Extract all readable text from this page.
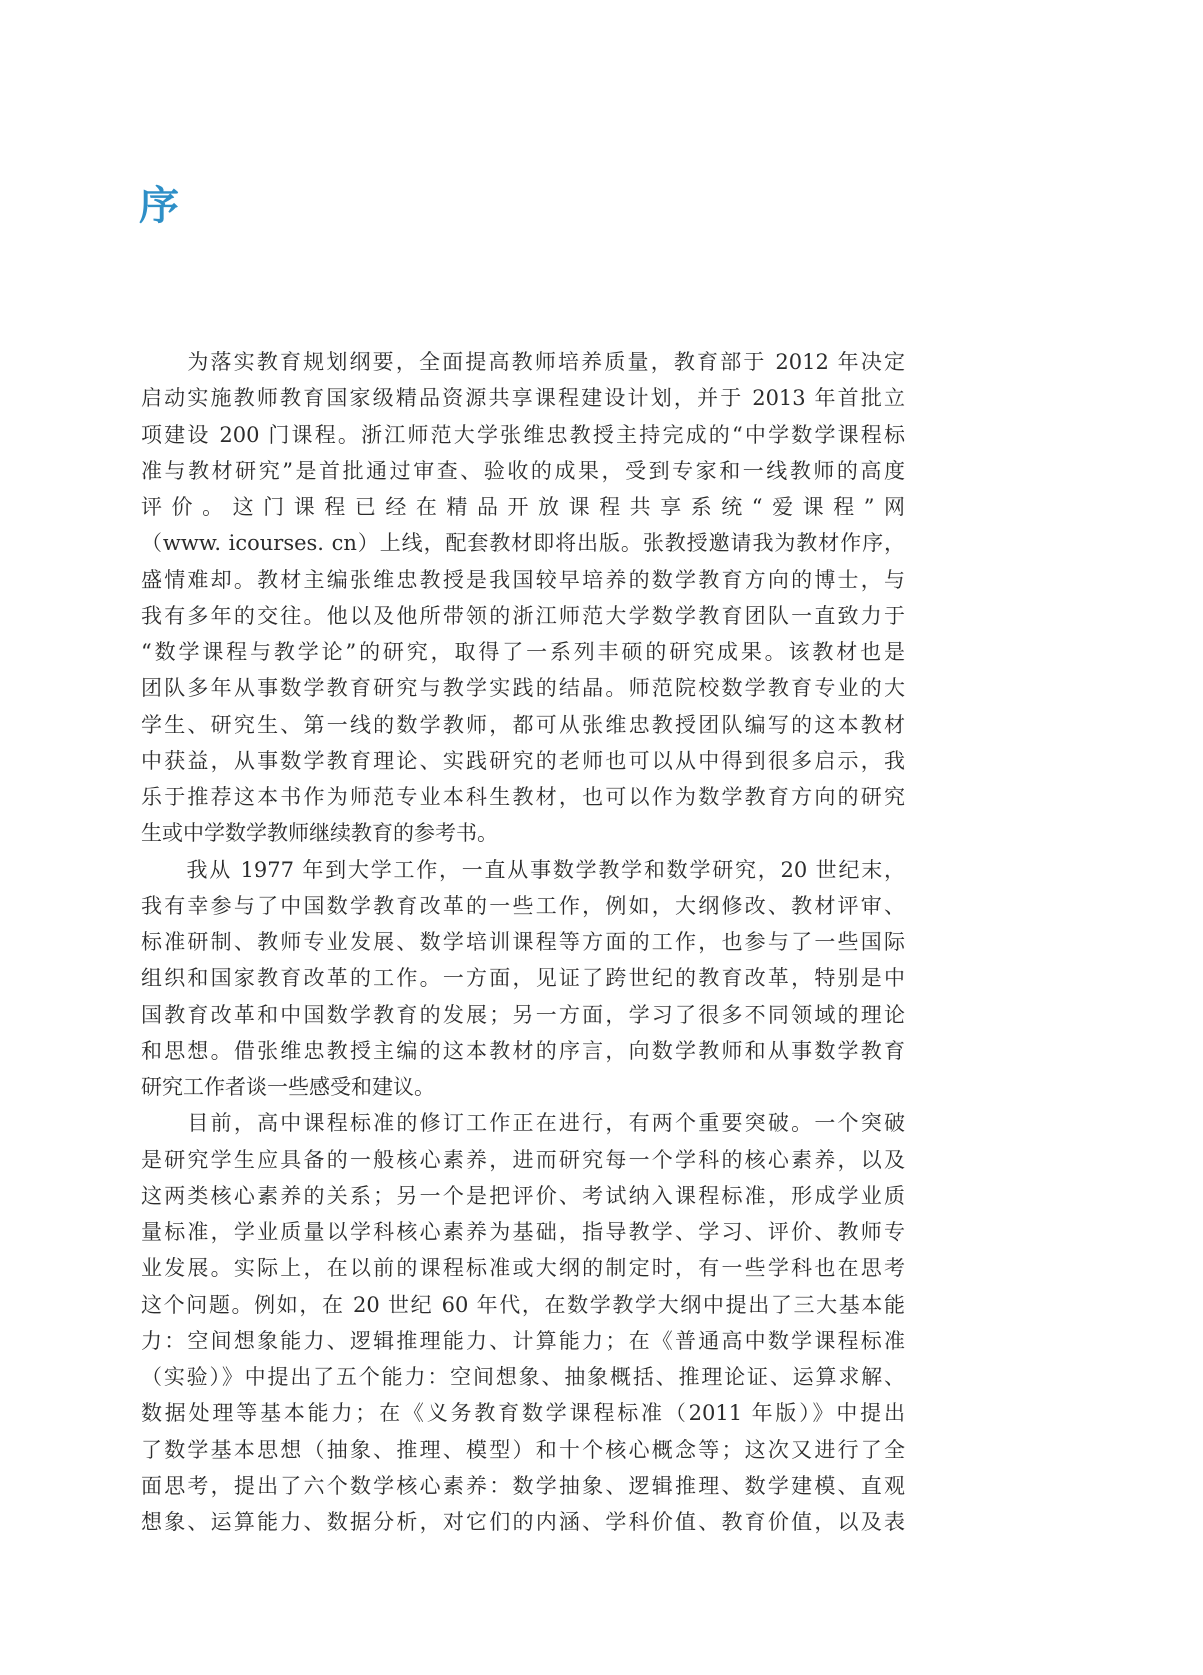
序
　　为落实教育规划纲要，全面提高教师培养质量，教育部于 2012 年决定
启动实施教师教育国家级精品资源共享课程建设计划，并于 2013 年首批立
项建设 200 门课程。浙江师范大学张维忠教授主持完成的“中学数学课程标
准与教材研究”是首批通过审查、验收的成果，受到专家和一线教师的高度
评价。这门课程已经在精品开放课程共享系统“爱课程”网
（www. icourses. cn）上线，配套教材即将出版。张教授邀请我为教材作序，
盛情难却。教材主编张维忠教授是我国较早培养的数学教育方向的博士，与
我有多年的交往。他以及他所带领的浙江师范大学数学教育团队一直致力于
“数学课程与教学论”的研究，取得了一系列丰硕的研究成果。该教材也是
团队多年从事数学教育研究与教学实践的结晶。师范院校数学教育专业的大
学生、研究生、第一线的数学教师，都可从张维忠教授团队编写的这本教材
中获益，从事数学教育理论、实践研究的老师也可以从中得到很多启示，我
乐于推荐这本书作为师范专业本科生教材，也可以作为数学教育方向的研究
生或中学数学教师继续教育的参考书。
　　我从 1977 年到大学工作，一直从事数学教学和数学研究，20 世纪末，
我有幸参与了中国数学教育改革的一些工作，例如，大纲修改、教材评审、
标准研制、教师专业发展、数学培训课程等方面的工作，也参与了一些国际
组织和国家教育改革的工作。一方面，见证了跨世纪的教育改革，特别是中
国教育改革和中国数学教育的发展；另一方面，学习了很多不同领域的理论
和思想。借张维忠教授主编的这本教材的序言，向数学教师和从事数学教育
研究工作者谈一些感受和建议。
　　目前，高中课程标准的修订工作正在进行，有两个重要突破。一个突破
是研究学生应具备的一般核心素养，进而研究每一个学科的核心素养，以及
这两类核心素养的关系；另一个是把评价、考试纳入课程标准，形成学业质
量标准，学业质量以学科核心素养为基础，指导教学、学习、评价、教师专
业发展。实际上，在以前的课程标准或大纲的制定时，有一些学科也在思考
这个问题。例如，在 20 世纪 60 年代，在数学教学大纲中提出了三大基本能
力：空间想象能力、逻辑推理能力、计算能力；在《普通高中数学课程标准
（实验）》中提出了五个能力：空间想象、抽象概括、推理论证、运算求解、
数据处理等基本能力；在《义务教育数学课程标准（2011 年版）》中提出
了数学基本思想（抽象、推理、模型）和十个核心概念等；这次又进行了全
面思考，提出了六个数学核心素养：数学抽象、逻辑推理、数学建模、直观
想象、运算能力、数据分析，对它们的内涵、学科价值、教育价值，以及表
